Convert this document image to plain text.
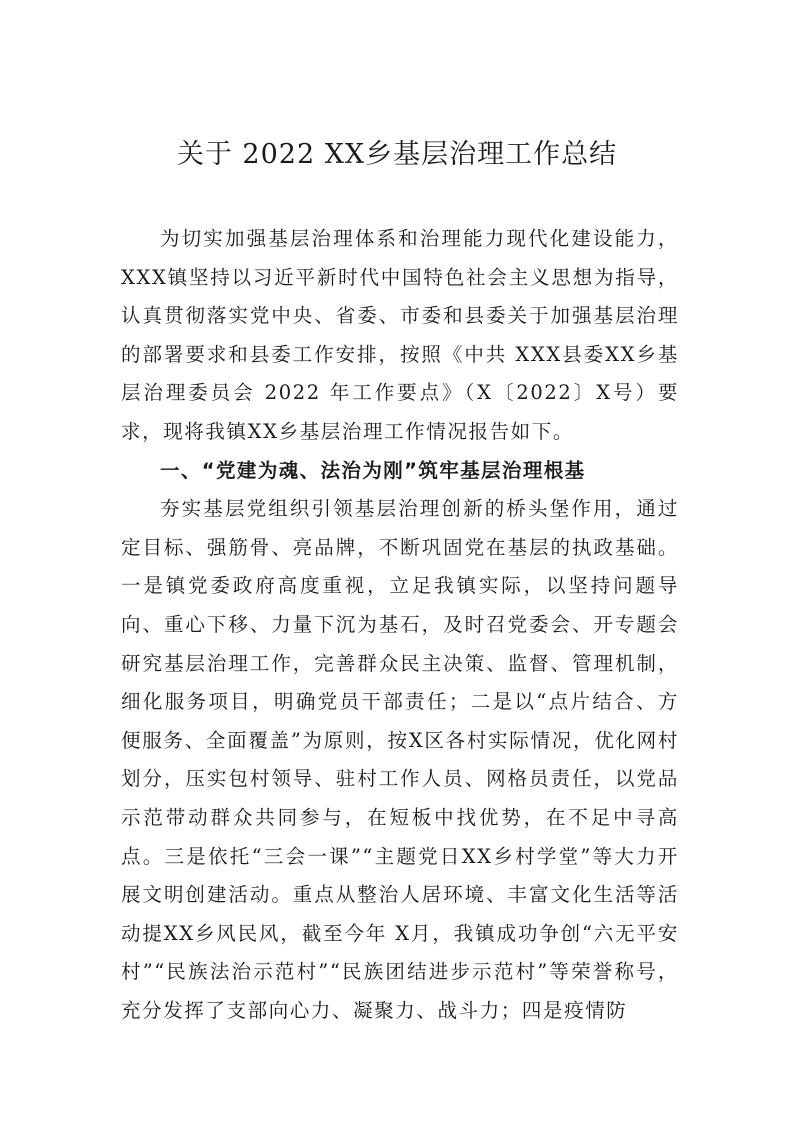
关于 2022 XX乡基层治理工作总结

为切实加强基层治理体系和治理能力现代化建设能力，XXX镇坚持以习近平新时代中国特色社会主义思想为指导，认真贯彻落实党中央、省委、市委和县委关于加强基层治理的部署要求和县委工作安排，按照《中共 XXX县委XX乡基层治理委员会 2022 年工作要点》（X〔2022〕X号）要求，现将我镇XX乡基层治理工作情况报告如下。

一、“党建为魂、法治为刚”筑牢基层治理根基

夯实基层党组织引领基层治理创新的桥头堡作用，通过定目标、强筋骨、亮品牌，不断巩固党在基层的执政基础。 一是镇党委政府高度重视，立足我镇实际，以坚持问题导向、重心下移、力量下沉为基石，及时召党委会、开专题会研究基层治理工作，完善群众民主决策、监督、管理机制，细化服务项目，明确党员干部责任；二是以“点片结合、方便服务、全面覆盖”为原则，按X区各村实际情况，优化网村划分，压实包村领导、驻村工作人员、网格员责任，以党品示范带动群众共同参与，在短板中找优势，在不足中寻高点。三是依托“三会一课”“主题党日XX乡村学堂”等大力开展文明创建活动。重点从整治人居环境、丰富文化生活等活动提XX乡风民风，截至今年 X月，我镇成功争创“六无平安村”“民族法治示范村”“民族团结进步示范村”等荣誉称号，充分发挥了支部向心力、凝聚力、战斗力；四是疫情防
